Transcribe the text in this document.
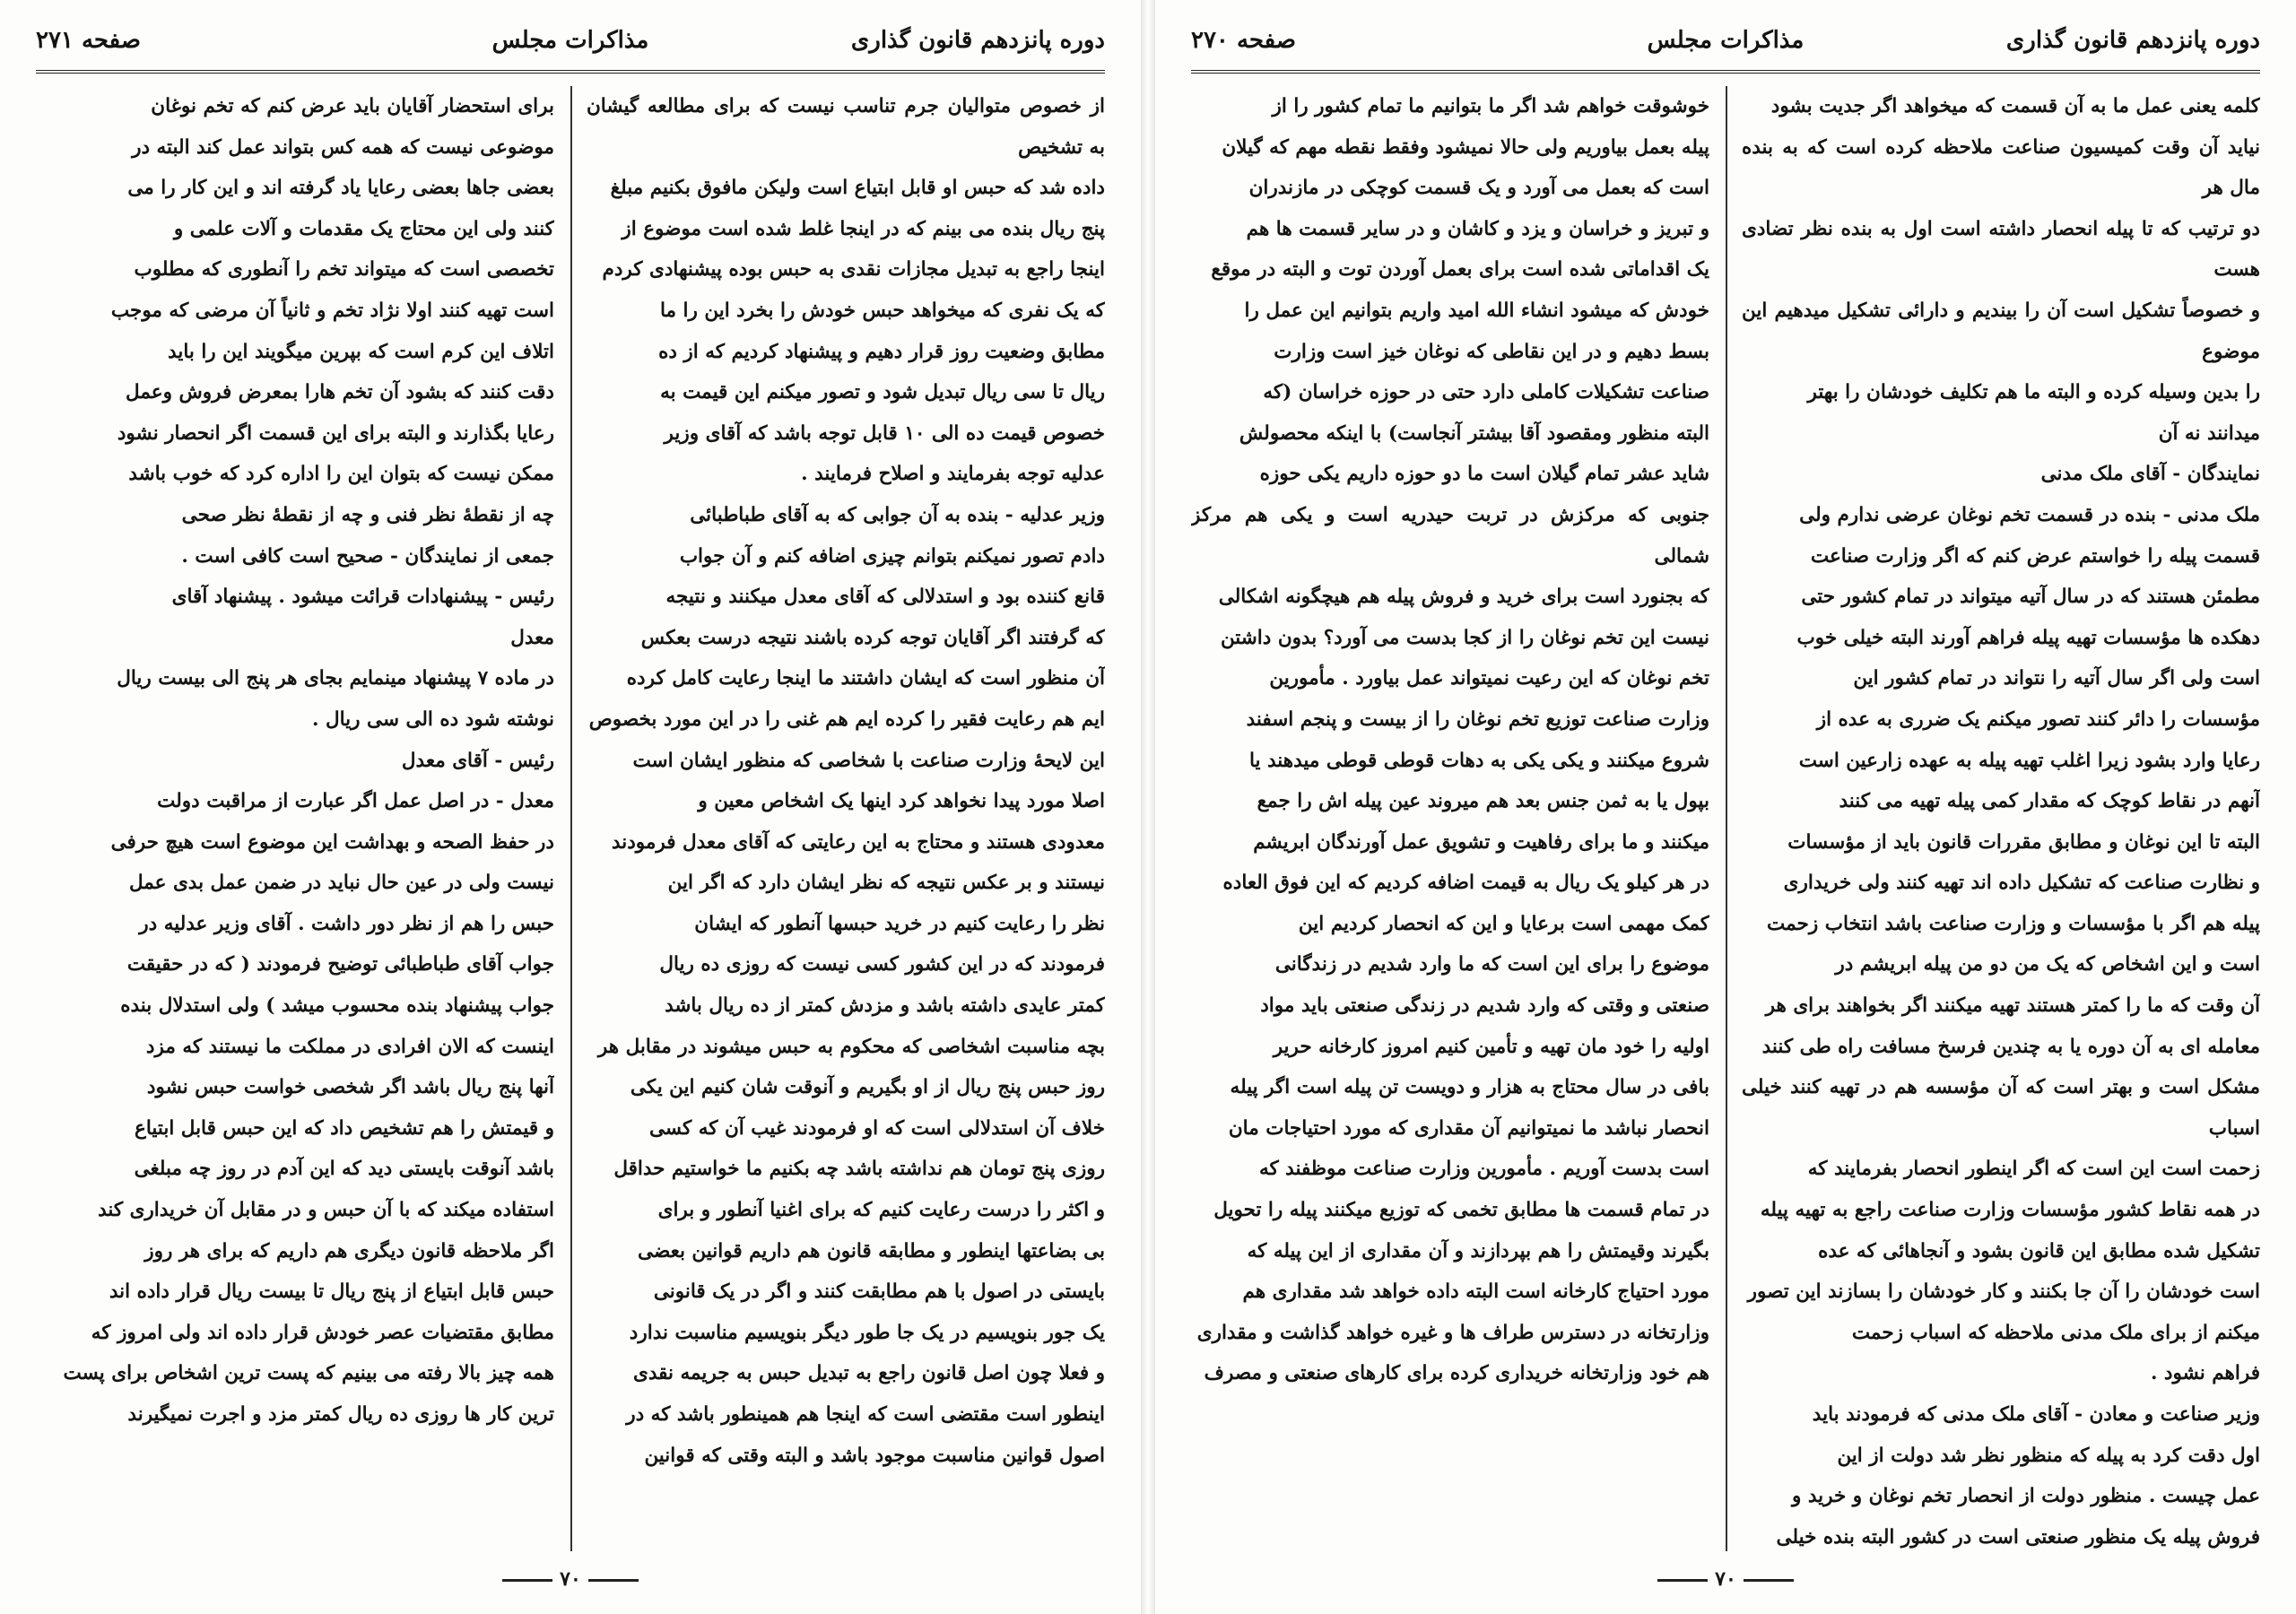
دوره پانزدهم قانون گذاری
مذاکرات مجلس
صفحه ۲۷۱

از خصوص متوالیان جرم تناسب نیست که برای مطالعه گیشان به تشخیص
داده شد که حبس او قابل ابتیاع است ولیکن مافوق بکنیم مبلغ
پنج ریال بنده می بینم که در اینجا غلط شده است موضوع از
اینجا راجع به تبدیل مجازات نقدی به حبس بوده پیشنهادی کردم
که یک نفری که میخواهد حبس خودش را بخرد این را ما
مطابق وضعیت روز قرار دهیم و پیشنهاد کردیم که از ده
ریال تا سی ریال تبدیل شود و تصور میکنم این قیمت به
خصوص قیمت ده الی ۱۰ قابل توجه باشد که آقای وزیر
عدلیه توجه بفرمایند و اصلاح فرمایند .
وزیر عدلیه - بنده به آن جوابی که به آقای طباطبائی
دادم تصور نمیکنم بتوانم چیزی اضافه کنم و آن جواب
قانع کننده بود و استدلالی که آقای معدل میکنند و نتیجه
که گرفتند اگر آقایان توجه کرده باشند نتیجه درست بعکس
آن منظور است که ایشان داشتند ما اینجا رعایت کامل کرده
ایم هم رعایت فقیر را کرده ایم هم غنی را در این مورد بخصوص
این لایحهٔ وزارت صناعت با شخاصی که منظور ایشان است
اصلا مورد پیدا نخواهد کرد اینها یک اشخاص معین و
معدودی هستند و محتاج به این رعایتی که آقای معدل فرمودند
نیستند و بر عکس نتیجه که نظر ایشان دارد که اگر این
نظر را رعایت کنیم در خرید حبسها آنطور که ایشان
فرمودند که در این کشور کسی نیست که روزی ده ریال
کمتر عایدی داشته باشد و مزدش کمتر از ده ریال باشد
بچه مناسبت اشخاصی که محکوم به حبس میشوند در مقابل هر
روز حبس پنج ریال از او بگیریم و آنوقت شان کنیم این یکی
خلاف آن استدلالی است که او فرمودند غیب آن که کسی
روزی پنج تومان هم نداشته باشد چه بکنیم ما خواستیم حداقل
و اکثر را درست رعایت کنیم که برای اغنیا آنطور و برای
بی بضاعتها اینطور و مطابقه قانون هم داریم قوانین بعضی
بایستی در اصول با هم مطابقت کنند و اگر در یک قانونی
یک جور بنویسیم در یک جا طور دیگر بنویسیم مناسبت ندارد
و فعلا چون اصل قانون راجع به تبدیل حبس به جریمه نقدی
اینطور است مقتضی است که اینجا هم همینطور باشد که در
اصول قوانین مناسبت موجود باشد و البته وقتی که قوانین

برای استحضار آقایان باید عرض کنم که تخم نوغان
موضوعی نیست که همه کس بتواند عمل کند البته در
بعضی جاها بعضی رعایا یاد گرفته اند و این کار را می
کنند ولی این محتاج یک مقدمات و آلات علمی و
تخصصی است که میتواند تخم را آنطوری که مطلوب
است تهیه کنند اولا نژاد تخم و ثانیاً آن مرضی که موجب
اتلاف این کرم است که بپرین میگویند این را باید
دقت کنند که بشود آن تخم هارا بمعرض فروش وعمل
رعایا بگذارند و البته برای این قسمت اگر انحصار نشود
ممکن نیست که بتوان این را اداره کرد که خوب باشد
چه از نقطهٔ نظر فنی و چه از نقطهٔ نظر صحی
جمعی از نمایندگان - صحیح است کافی است .
رئیس - پیشنهادات قرائت میشود . پیشنهاد آقای
معدل
در ماده ۷ پیشنهاد مینمایم بجای هر پنج الی بیست ریال
نوشته شود ده الی سی ریال .
رئیس - آقای معدل
معدل - در اصل عمل اگر عبارت از مراقبت دولت
در حفظ الصحه و بهداشت این موضوع است هیچ حرفی
نیست ولی در عین حال نباید در ضمن عمل بدی عمل
حبس را هم از نظر دور داشت . آقای وزیر عدلیه در
جواب آقای طباطبائی توضیح فرمودند ( که در حقیقت
جواب پیشنهاد بنده محسوب میشد ) ولی استدلال بنده
اینست که الان افرادی در مملکت ما نیستند که مزد
آنها پنج ریال باشد اگر شخصی خواست حبس نشود
و قیمتش را هم تشخیص داد که این حبس قابل ابتیاع
باشد آنوقت بایستی دید که این آدم در روز چه مبلغی
استفاده میکند که با آن حبس و در مقابل آن خریداری کند
اگر ملاحظه قانون دیگری هم داریم که برای هر روز
حبس قابل ابتیاع از پنج ریال تا بیست ریال قرار داده اند
مطابق مقتضیات عصر خودش قرار داده اند ولی امروز که
همه چیز بالا رفته می بینیم که پست ترین اشخاص برای پست
ترین کار ها روزی ده ریال کمتر مزد و اجرت نمیگیرند

۷۰
دوره پانزدهم قانون گذاری
مذاکرات مجلس
صفحه ۲۷۰

کلمه یعنی عمل ما به آن قسمت که میخواهد اگر جدیت بشود
نیاید آن وقت کمیسیون صناعت ملاحظه کرده است که به بنده مال هر
دو ترتیب که تا پیله انحصار داشته است اول به بنده نظر تضادی هست
و خصوصاً تشکیل است آن را بیندیم و دارائی تشکیل میدهیم این موضوع
را بدین وسیله کرده و البته ما هم تکلیف خودشان را بهتر
میدانند نه آن
نمایندگان - آقای ملک مدنی
ملک مدنی - بنده در قسمت تخم نوغان عرضی ندارم ولی
قسمت پیله را خواستم عرض کنم که اگر وزارت صناعت
مطمئن هستند که در سال آتیه میتواند در تمام کشور حتی
دهکده ها مؤسسات تهیه پیله فراهم آورند البته خیلی خوب
است ولی اگر سال آتیه را نتواند در تمام کشور این
مؤسسات را دائر کنند تصور میکنم یک ضرری به عده از
رعایا وارد بشود زیرا اغلب تهیه پیله به عهده زارعین است
آنهم در نقاط کوچک که مقدار کمی پیله تهیه می کنند
البته تا این نوغان و مطابق مقررات قانون باید از مؤسسات
و نظارت صناعت که تشکیل داده اند تهیه کنند ولی خریداری
پیله هم اگر با مؤسسات و وزارت صناعت باشد انتخاب زحمت
است و این اشخاص که یک من دو من پیله ابریشم در
آن وقت که ما را کمتر هستند تهیه میکنند اگر بخواهند برای هر
معامله ای به آن دوره یا به چندین فرسخ مسافت راه طی کنند
مشکل است و بهتر است که آن مؤسسه هم در تهیه کنند خیلی اسباب
زحمت است این است که اگر اینطور انحصار بفرمایند که
در همه نقاط کشور مؤسسات وزارت صناعت راجع به تهیه پیله
تشکیل شده مطابق این قانون بشود و آنجاهائی که عده
است خودشان را آن جا بکنند و کار خودشان را بسازند این تصور
میکنم از برای ملک مدنی ملاحظه که اسباب زحمت
فراهم نشود .
وزیر صناعت و معادن - آقای ملک مدنی که فرمودند باید
اول دقت کرد به پیله که منظور نظر شد دولت از این
عمل چیست . منظور دولت از انحصار تخم نوغان و خرید و
فروش پیله یک منظور صنعتی است در کشور البته بنده خیلی

خوشوقت خواهم شد اگر ما بتوانیم ما تمام کشور را از
پیله بعمل بیاوریم ولی حالا نمیشود وفقط نقطه مهم که گیلان
است که بعمل می آورد و یک قسمت کوچکی در مازندران
و تبریز و خراسان و یزد و کاشان و در سایر قسمت ها هم
یک اقداماتی شده است برای بعمل آوردن توت و البته در موقع
خودش که میشود انشاء الله امید واریم بتوانیم این عمل را
بسط دهیم و در این نقاطی که نوغان خیز است وزارت
صناعت تشکیلات کاملی دارد حتی در حوزه خراسان (که
البته منظور ومقصود آقا بیشتر آنجاست) با اینکه محصولش
شاید عشر تمام گیلان است ما دو حوزه داریم یکی حوزه
جنوبی که مرکزش در تربت حیدریه است و یکی هم مرکز شمالی
که بجنورد است برای خرید و فروش پیله هم هیچگونه اشکالی
نیست این تخم نوغان را از کجا بدست می آورد؟ بدون داشتن
تخم نوغان که این رعیت نمیتواند عمل بیاورد . مأمورین
وزارت صناعت توزیع تخم نوغان را از بیست و پنجم اسفند
شروع میکنند و یکی یکی به دهات قوطی قوطی میدهند یا
بپول یا به ثمن جنس بعد هم میروند عین پیله اش را جمع
میکنند و ما برای رفاهیت و تشویق عمل آورندگان ابریشم
در هر کیلو یک ریال به قیمت اضافه کردیم که این فوق العاده
کمک مهمی است برعایا و این که انحصار کردیم این
موضوع را برای این است که ما وارد شدیم در زندگانی
صنعتی و وقتی که وارد شدیم در زندگی صنعتی باید مواد
اولیه را خود مان تهیه و تأمین کنیم امروز کارخانه حریر
بافی در سال محتاج به هزار و دویست تن پیله است اگر پیله
انحصار نباشد ما نمیتوانیم آن مقداری که مورد احتیاجات مان
است بدست آوریم . مأمورین وزارت صناعت موظفند که
در تمام قسمت ها مطابق تخمی که توزیع میکنند پیله را تحویل
بگیرند وقیمتش را هم بپردازند و آن مقداری از این پیله که
مورد احتیاج کارخانه است البته داده خواهد شد مقداری هم
وزارتخانه در دسترس طراف ها و غیره خواهد گذاشت و مقداری
هم خود وزارتخانه خریداری کرده برای کارهای صنعتی و مصرف

۷۰
